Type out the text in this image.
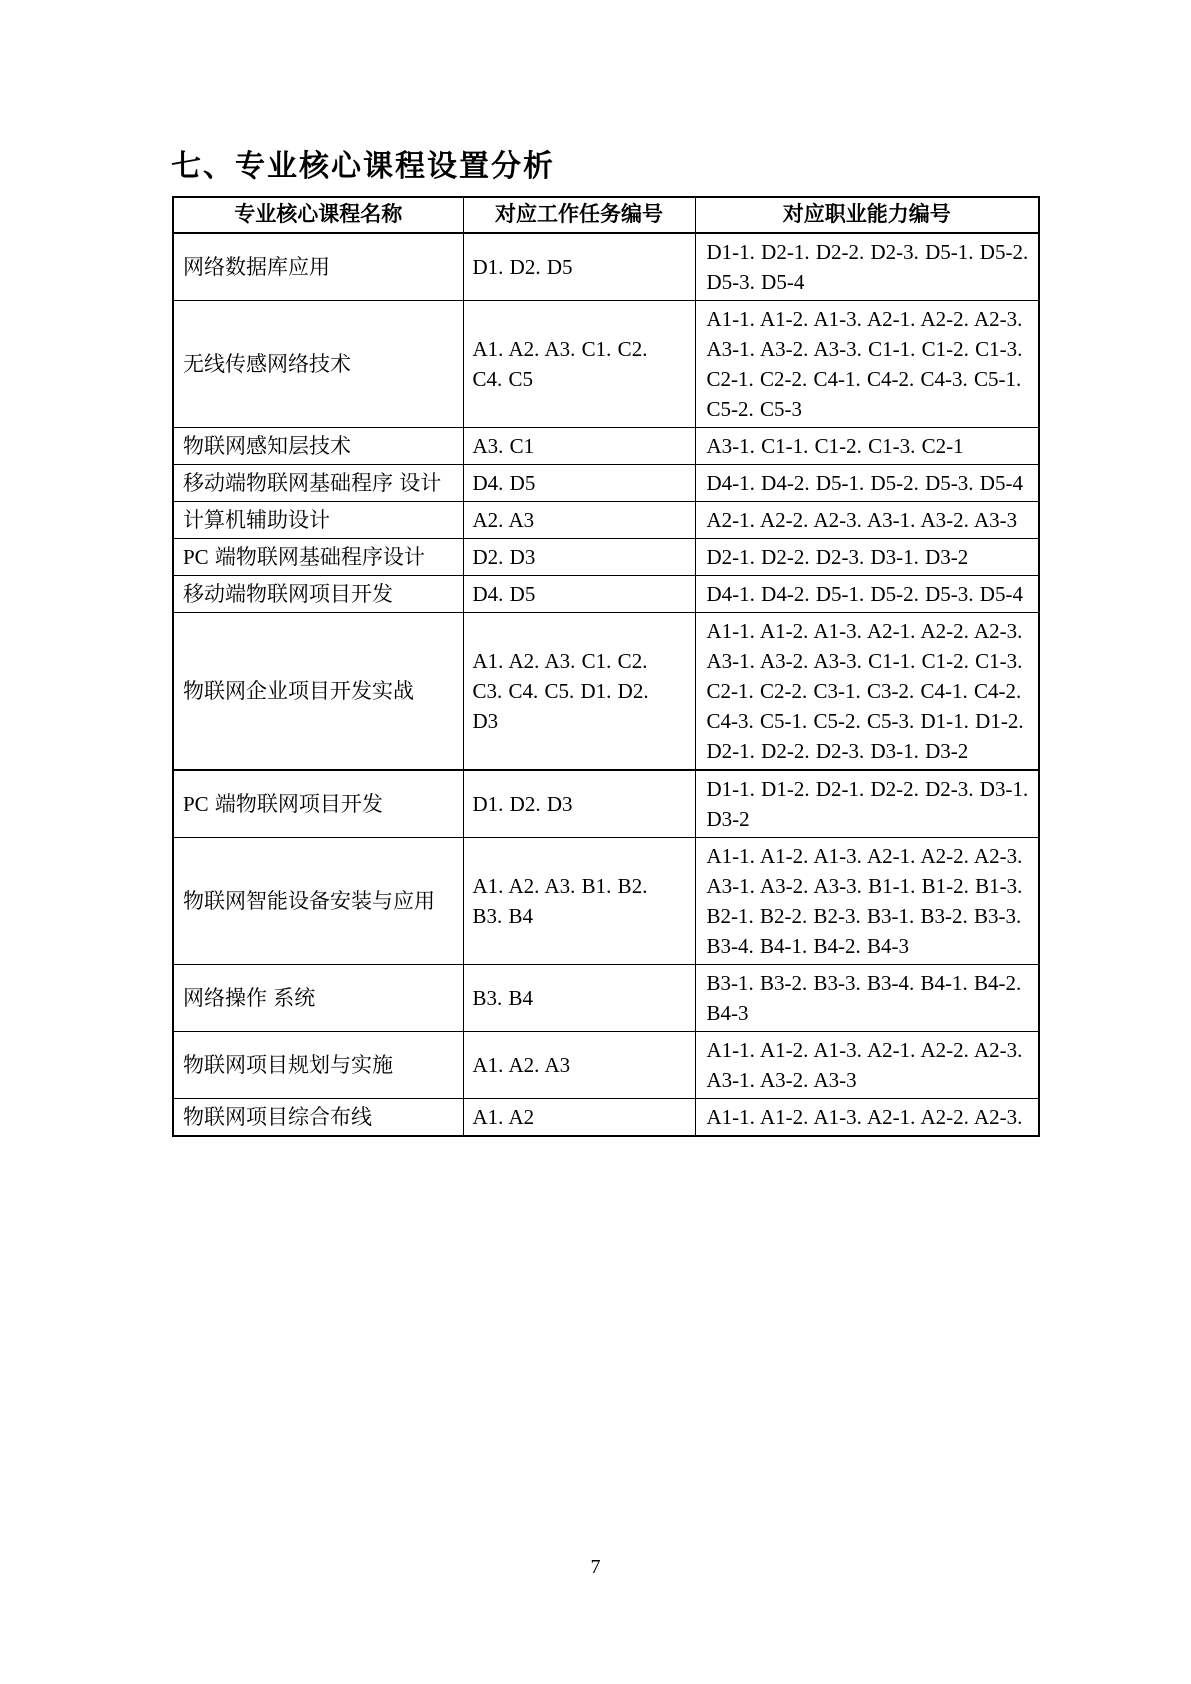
七、专业核心课程设置分析
专业核心课程名称	对应工作任务编号	对应职业能力编号
网络数据库应用	D1. D2. D5	D1-1. D2-1. D2-2. D2-3. D5-1. D5-2. D5-3. D5-4
无线传感网络技术	A1. A2. A3. C1. C2. C4. C5	A1-1. A1-2. A1-3. A2-1. A2-2. A2-3. A3-1. A3-2. A3-3. C1-1. C1-2. C1-3. C2-1. C2-2. C4-1. C4-2. C4-3. C5-1. C5-2. C5-3
物联网感知层技术	A3. C1	A3-1. C1-1. C1-2. C1-3. C2-1
移动端物联网基础程序 设计	D4. D5	D4-1. D4-2. D5-1. D5-2. D5-3. D5-4
计算机辅助设计	A2. A3	A2-1. A2-2. A2-3. A3-1. A3-2. A3-3
PC 端物联网基础程序设计	D2. D3	D2-1. D2-2. D2-3. D3-1. D3-2
移动端物联网项目开发	D4. D5	D4-1. D4-2. D5-1. D5-2. D5-3. D5-4
物联网企业项目开发实战	A1. A2. A3. C1. C2. C3. C4. C5. D1. D2. D3	A1-1. A1-2. A1-3. A2-1. A2-2. A2-3. A3-1. A3-2. A3-3. C1-1. C1-2. C1-3. C2-1. C2-2. C3-1. C3-2. C4-1. C4-2. C4-3. C5-1. C5-2. C5-3. D1-1. D1-2. D2-1. D2-2. D2-3. D3-1. D3-2
PC 端物联网项目开发	D1. D2. D3	D1-1. D1-2. D2-1. D2-2. D2-3. D3-1. D3-2
物联网智能设备安装与应用	A1. A2. A3. B1. B2. B3. B4	A1-1. A1-2. A1-3. A2-1. A2-2. A2-3. A3-1. A3-2. A3-3. B1-1. B1-2. B1-3. B2-1. B2-2. B2-3. B3-1. B3-2. B3-3. B3-4. B4-1. B4-2. B4-3
网络操作 系统	B3. B4	B3-1. B3-2. B3-3. B3-4. B4-1. B4-2. B4-3
物联网项目规划与实施	A1. A2. A3	A1-1. A1-2. A1-3. A2-1. A2-2. A2-3. A3-1. A3-2. A3-3
物联网项目综合布线	A1. A2	A1-1. A1-2. A1-3. A2-1. A2-2. A2-3.
7
